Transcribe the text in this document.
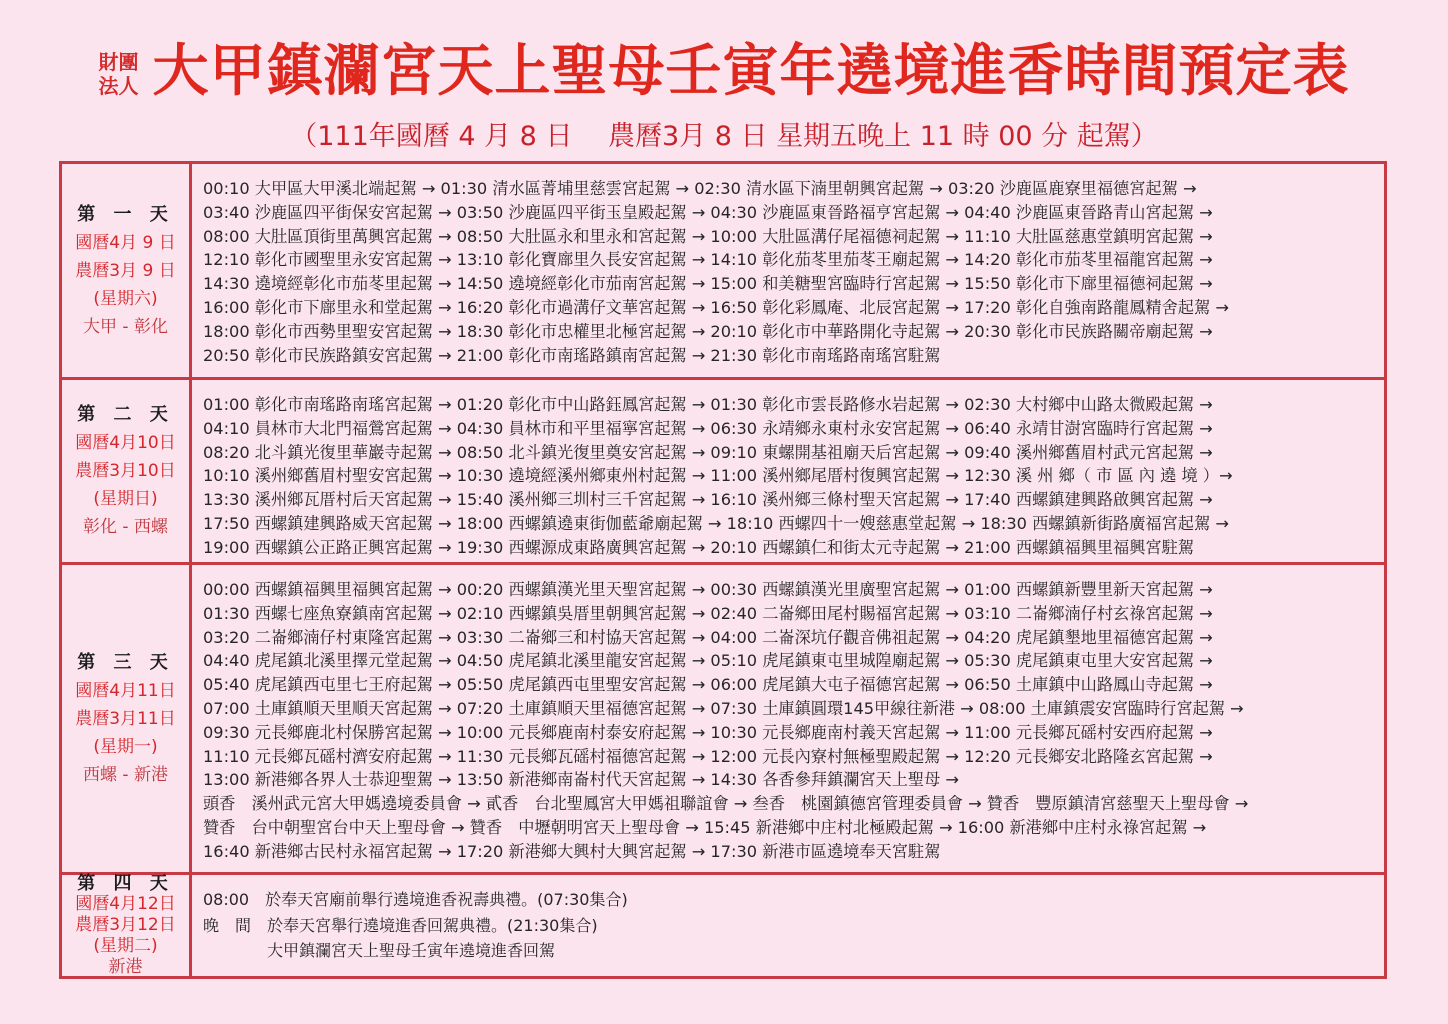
財團
法人 大甲鎮瀾宮天上聖母壬寅年遶境進香時間預定表
（111年國曆 4 月 8 日　 農曆3月 8 日 星期五晚上 11 時 00 分 起駕）
第 一 天
國曆4月 9 日
農曆3月 9 日
(星期六)
大甲 - 彰化
00:10 大甲區大甲溪北端起駕 → 01:30 清水區菁埔里慈雲宮起駕 → 02:30 清水區下湳里朝興宮起駕 → 03:20 沙鹿區鹿寮里福德宮起駕 →
03:40 沙鹿區四平街保安宮起駕 → 03:50 沙鹿區四平街玉皇殿起駕 → 04:30 沙鹿區東晉路福亨宮起駕 → 04:40 沙鹿區東晉路青山宮起駕 →
08:00 大肚區頂街里萬興宮起駕 → 08:50 大肚區永和里永和宮起駕 → 10:00 大肚區溝仔尾福德祠起駕 → 11:10 大肚區慈惠堂鎮明宮起駕 →
12:10 彰化市國聖里永安宮起駕 → 13:10 彰化寶廍里久長安宮起駕 → 14:10 彰化茄苳里茄苳王廟起駕 → 14:20 彰化市茄苳里福龍宮起駕 →
14:30 遶境經彰化市茄苳里起駕 → 14:50 遶境經彰化市茄南宮起駕 → 15:00 和美糖聖宮臨時行宮起駕 → 15:50 彰化市下廍里福德祠起駕 →
16:00 彰化市下廍里永和堂起駕 → 16:20 彰化市過溝仔文華宮起駕 → 16:50 彰化彩鳳庵、北辰宮起駕 → 17:20 彰化自強南路龍鳳精舍起駕 →
18:00 彰化市西勢里聖安宮起駕 → 18:30 彰化市忠權里北極宮起駕 → 20:10 彰化市中華路開化寺起駕 → 20:30 彰化市民族路關帝廟起駕 →
20:50 彰化市民族路鎮安宮起駕 → 21:00 彰化市南瑤路鎮南宮起駕 → 21:30 彰化市南瑤路南瑤宮駐駕
第 二 天
國曆4月10日
農曆3月10日
(星期日)
彰化 - 西螺
01:00 彰化市南瑤路南瑤宮起駕 → 01:20 彰化市中山路鈺鳳宮起駕 → 01:30 彰化市雲長路修水岩起駕 → 02:30 大村鄉中山路太微殿起駕 →
04:10 員林市大北門福鶯宮起駕 → 04:30 員林市和平里福寧宮起駕 → 06:30 永靖鄉永東村永安宮起駕 → 06:40 永靖甘澍宮臨時行宮起駕 →
08:20 北斗鎮光復里華巖寺起駕 → 08:50 北斗鎮光復里奠安宮起駕 → 09:10 東螺開基祖廟天后宮起駕 → 09:40 溪州鄉舊眉村武元宮起駕 →
10:10 溪州鄉舊眉村聖安宮起駕 → 10:30 遶境經溪州鄉東州村起駕 → 11:00 溪州鄉尾厝村復興宮起駕 → 12:30 溪 州 鄉（ 市 區 內 遶 境 ）→
13:30 溪州鄉瓦厝村后天宮起駕 → 15:40 溪州鄉三圳村三千宮起駕 → 16:10 溪州鄉三條村聖天宮起駕 → 17:40 西螺鎮建興路啟興宮起駕 →
17:50 西螺鎮建興路威天宮起駕 → 18:00 西螺鎮遶東街伽藍爺廟起駕 → 18:10 西螺四十一嫂慈惠堂起駕 → 18:30 西螺鎮新街路廣福宮起駕 →
19:00 西螺鎮公正路正興宮起駕 → 19:30 西螺源成東路廣興宮起駕 → 20:10 西螺鎮仁和街太元寺起駕 → 21:00 西螺鎮福興里福興宮駐駕
第 三 天
國曆4月11日
農曆3月11日
(星期一)
西螺 - 新港
00:00 西螺鎮福興里福興宮起駕 → 00:20 西螺鎮漢光里天聖宮起駕 → 00:30 西螺鎮漢光里廣聖宮起駕 → 01:00 西螺鎮新豐里新天宮起駕 →
01:30 西螺七座魚寮鎮南宮起駕 → 02:10 西螺鎮吳厝里朝興宮起駕 → 02:40 二崙鄉田尾村賜福宮起駕 → 03:10 二崙鄉湳仔村玄祿宮起駕 →
03:20 二崙鄉湳仔村東隆宮起駕 → 03:30 二崙鄉三和村協天宮起駕 → 04:00 二崙深坑仔觀音佛祖起駕 → 04:20 虎尾鎮墾地里福德宮起駕 →
04:40 虎尾鎮北溪里擇元堂起駕 → 04:50 虎尾鎮北溪里龍安宮起駕 → 05:10 虎尾鎮東屯里城隍廟起駕 → 05:30 虎尾鎮東屯里大安宮起駕 →
05:40 虎尾鎮西屯里七王府起駕 → 05:50 虎尾鎮西屯里聖安宮起駕 → 06:00 虎尾鎮大屯子福德宮起駕 → 06:50 土庫鎮中山路鳳山寺起駕 →
07:00 土庫鎮順天里順天宮起駕 → 07:20 土庫鎮順天里福德宮起駕 → 07:30 土庫鎮圓環145甲線往新港 → 08:00 土庫鎮震安宮臨時行宮起駕 →
09:30 元長鄉鹿北村保勝宮起駕 → 10:00 元長鄉鹿南村泰安府起駕 → 10:30 元長鄉鹿南村義天宮起駕 → 11:00 元長鄉瓦磘村安西府起駕 →
11:10 元長鄉瓦磘村濟安府起駕 → 11:30 元長鄉瓦磘村福德宮起駕 → 12:00 元長內寮村無極聖殿起駕 → 12:20 元長鄉安北路隆玄宮起駕 →
13:00 新港鄉各界人士恭迎聖駕 → 13:50 新港鄉南崙村代天宮起駕 → 14:30 各香參拜鎮瀾宮天上聖母 →
頭香　溪州武元宮大甲媽遶境委員會 → 貳香　台北聖鳳宮大甲媽祖聯誼會 → 叁香　桃園鎮德宮管理委員會 → 贊香　豐原鎮清宮慈聖天上聖母會 →
贊香　台中朝聖宮台中天上聖母會 → 贊香　中壢朝明宮天上聖母會 → 15:45 新港鄉中庄村北極殿起駕 → 16:00 新港鄉中庄村永祿宮起駕 →
16:40 新港鄉古民村永福宮起駕 → 17:20 新港鄉大興村大興宮起駕 → 17:30 新港市區遶境奉天宮駐駕
第 四 天
國曆4月12日
農曆3月12日
(星期二)
新港
08:00　於奉天宮廟前舉行遶境進香祝壽典禮。(07:30集合)
晚　間　於奉天宮舉行遶境進香回駕典禮。(21:30集合)
　　　　大甲鎮瀾宮天上聖母壬寅年遶境進香回駕
